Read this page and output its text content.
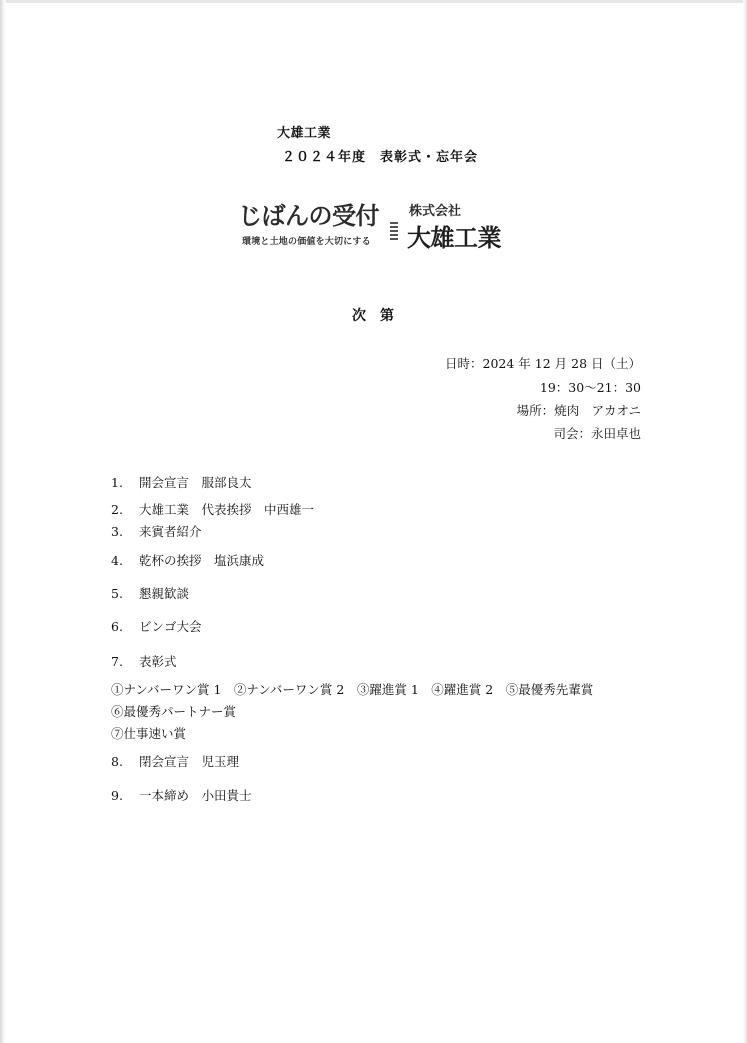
大雄工業
２０２４年度　表彰式・忘年会
じばんの受付
環境と土地の価値を大切にする
株式会社
大雄工業
次　第
日時：2024 年 12 月 28 日（土）
19：30～21：30
場所：焼肉　アカオニ
司会：永田卓也
1. 開会宣言　服部良太
2. 大雄工業　代表挨拶　中西雄一
3. 来賓者紹介
4. 乾杯の挨拶　塩浜康成
5. 懇親歓談
6. ビンゴ大会
7. 表彰式
①ナンバーワン賞 1　②ナンバーワン賞 2　③躍進賞 1　④躍進賞 2　⑤最優秀先輩賞
⑥最優秀パートナー賞
⑦仕事速い賞
8. 閉会宣言　児玉理
9. 一本締め　小田貴士
